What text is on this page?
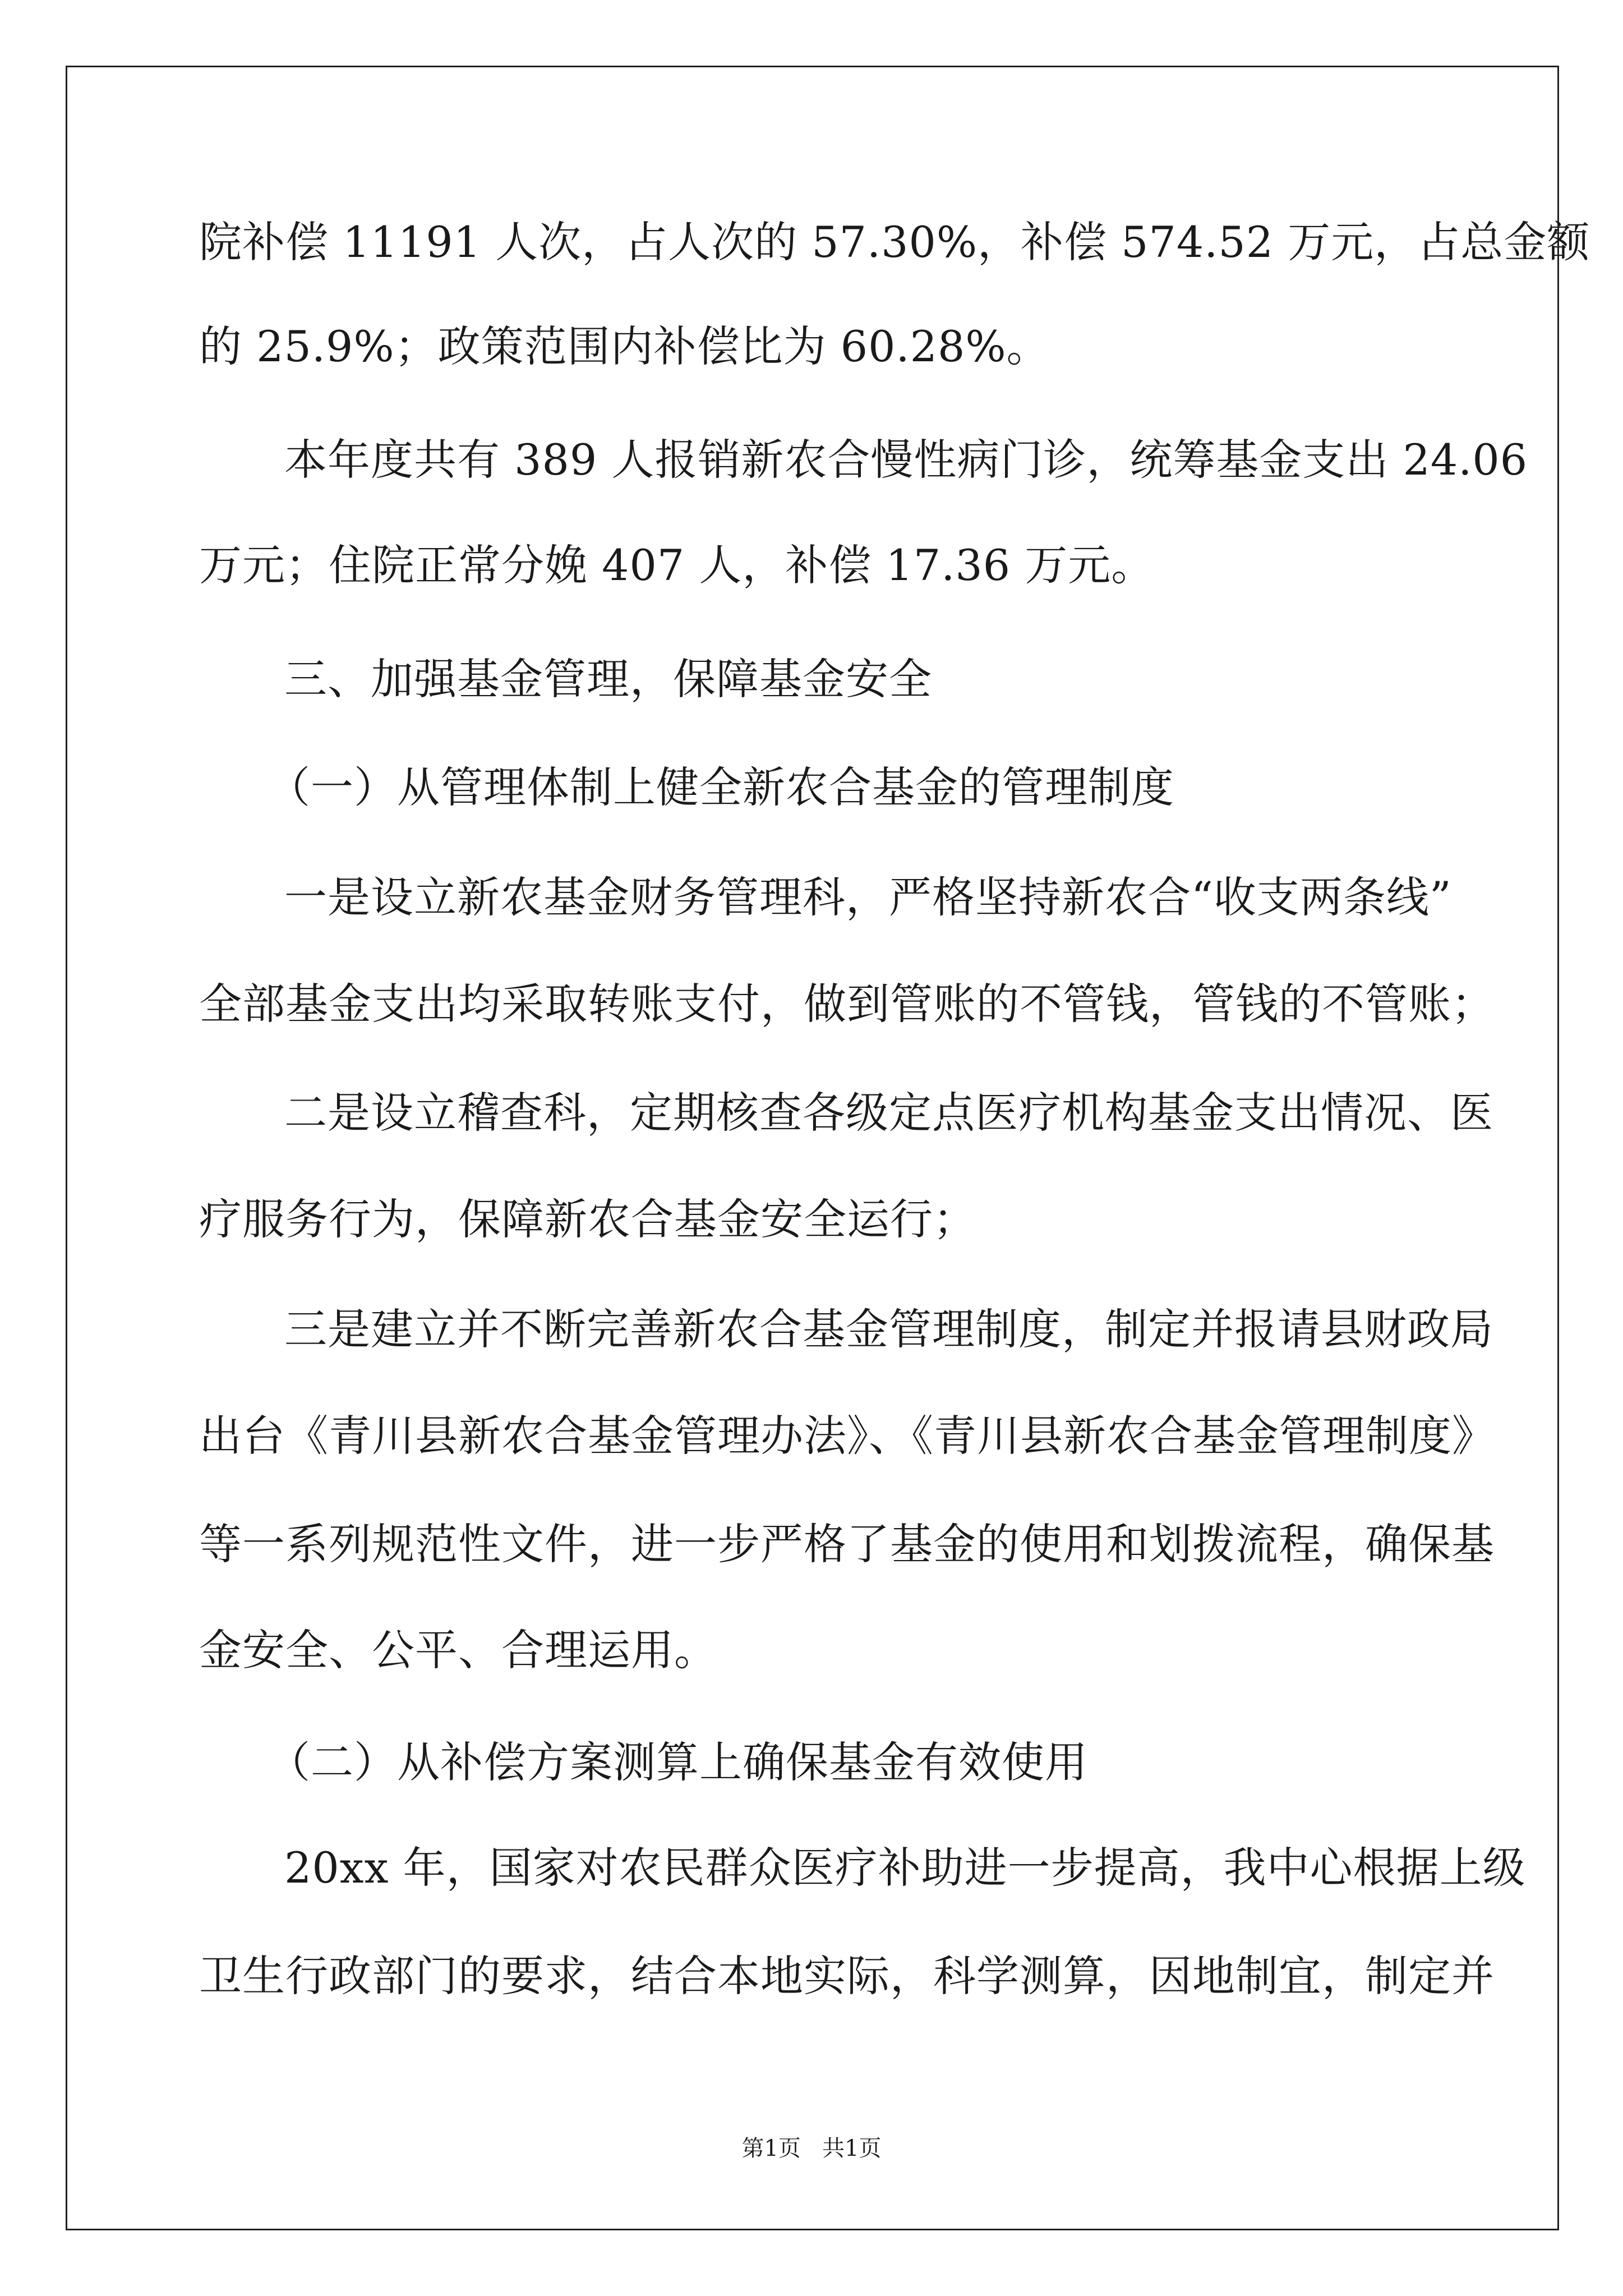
院补偿 11191 人次，占人次的 57.30%，补偿 574.52 万元，占总金额
的 25.9%；政策范围内补偿比为 60.28%。
本年度共有 389 人报销新农合慢性病门诊，统筹基金支出 24.06
万元；住院正常分娩 407 人，补偿 17.36 万元。
三、加强基金管理，保障基金安全
（一）从管理体制上健全新农合基金的管理制度
一是设立新农基金财务管理科，严格坚持新农合“收支两条线”
全部基金支出均采取转账支付，做到管账的不管钱，管钱的不管账；
二是设立稽查科，定期核查各级定点医疗机构基金支出情况、医
疗服务行为，保障新农合基金安全运行；
三是建立并不断完善新农合基金管理制度，制定并报请县财政局
出台《青川县新农合基金管理办法》、《青川县新农合基金管理制度》
等一系列规范性文件，进一步严格了基金的使用和划拨流程，确保基
金安全、公平、合理运用。
（二）从补偿方案测算上确保基金有效使用
20xx 年，国家对农民群众医疗补助进一步提高，我中心根据上级
卫生行政部门的要求，结合本地实际，科学测算，因地制宜，制定并
第1页   共1页
